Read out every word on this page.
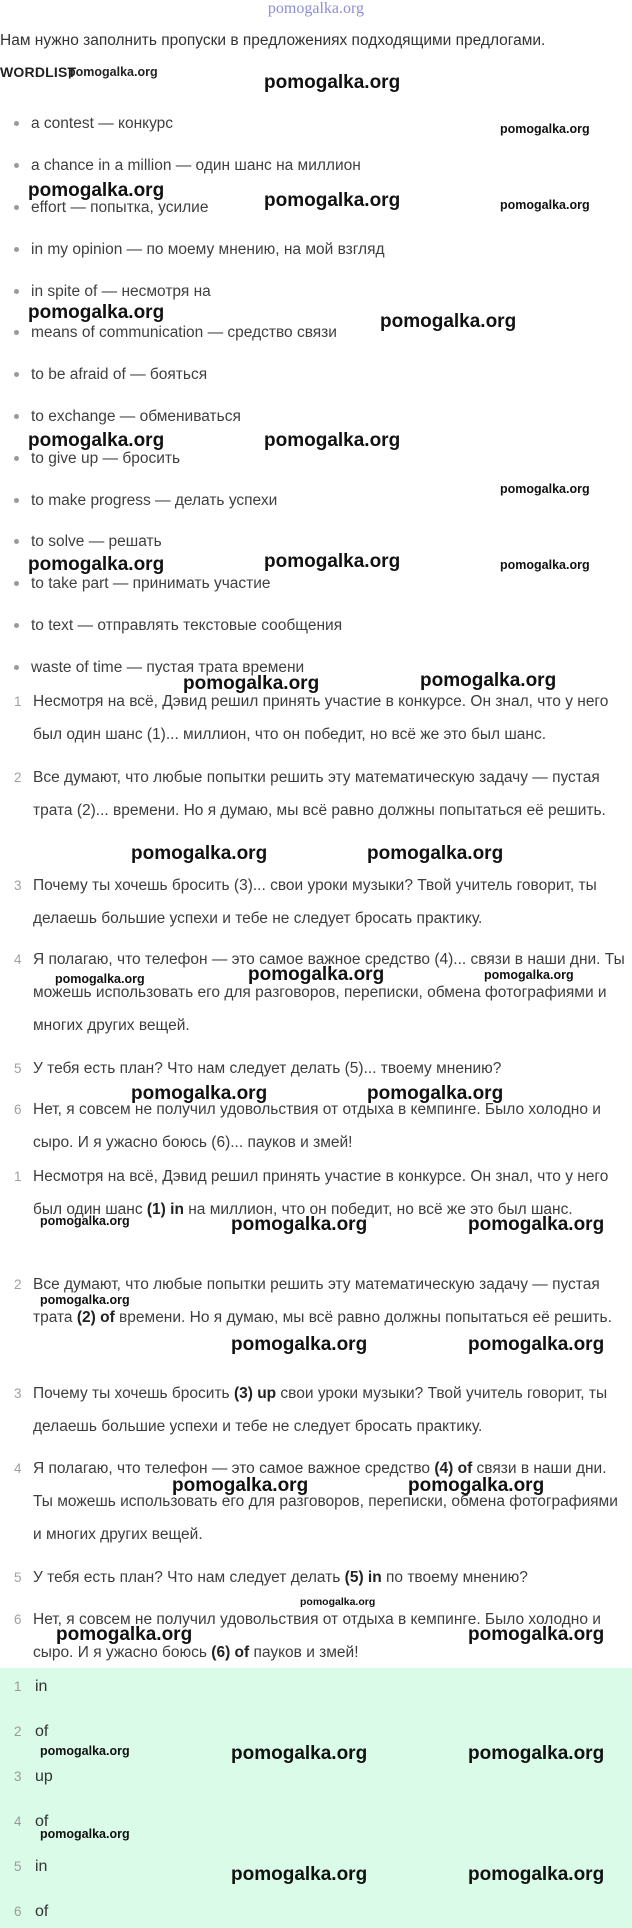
pomogalka.org
Нам нужно заполнить пропуски в предложениях подходящими предлогами.
WORDLIST
pomogalka.org
a contest — конкурс
a chance in a million — один шанс на миллион
effort — попытка, усилие
in my opinion — по моему мнению, на мой взгляд
in spite of — несмотря на
means of communication — средство связи
to be afraid of — бояться
to exchange — обмениваться
to give up — бросить
to make progress — делать успехи
to solve — решать
to take part — принимать участие
to text — отправлять текстовые сообщения
waste of time — пустая трата времени
1 Несмотря на всё, Дэвид решил принять участие в конкурсе. Он знал, что у него был один шанс (1)... миллион, что он победит, но всё же это был шанс.
2 Все думают, что любые попытки решить эту математическую задачу — пустая трата (2)... времени. Но я думаю, мы всё равно должны попытаться её решить.
3 Почему ты хочешь бросить (3)... свои уроки музыки? Твой учитель говорит, ты делаешь большие успехи и тебе не следует бросать практику.
4 Я полагаю, что телефон — это самое важное средство (4)... связи в наши дни. Ты можешь использовать его для разговоров, переписки, обмена фотографиями и многих других вещей.
5 У тебя есть план? Что нам следует делать (5)... твоему мнению?
6 Нет, я совсем не получил удовольствия от отдыха в кемпинге. Было холодно и сыро. И я ужасно боюсь (6)... пауков и змей!
1 Несмотря на всё, Дэвид решил принять участие в конкурсе. Он знал, что у него был один шанс (1) in на миллион, что он победит, но всё же это был шанс.
2 Все думают, что любые попытки решить эту математическую задачу — пустая трата (2) of времени. Но я думаю, мы всё равно должны попытаться её решить.
3 Почему ты хочешь бросить (3) up свои уроки музыки? Твой учитель говорит, ты делаешь большие успехи и тебе не следует бросать практику.
4 Я полагаю, что телефон — это самое важное средство (4) of связи в наши дни. Ты можешь использовать его для разговоров, переписки, обмена фотографиями и многих других вещей.
5 У тебя есть план? Что нам следует делать (5) in по твоему мнению?
6 Нет, я совсем не получил удовольствия от отдыха в кемпинге. Было холодно и сыро. И я ужасно боюсь (6) of пауков и змей!
1 in
2 of
3 up
4 of
5 in
6 of
pomogalka.org
pomogalka.org
pomogalka.org	pomogalka.org	pomogalka.org
pomogalka.org	pomogalka.org
pomogalka.org	pomogalka.org
pomogalka.org
pomogalka.org	pomogalka.org	pomogalka.org
pomogalka.org	pomogalka.org
pomogalka.org	pomogalka.org
pomogalka.org	pomogalka.org	pomogalka.org
pomogalka.org	pomogalka.org
pomogalka.org	pomogalka.org	pomogalka.org
pomogalka.org
pomogalka.org	pomogalka.org
pomogalka.org	pomogalka.org
pomogalka.org
pomogalka.org	pomogalka.org
pomogalka.org	pomogalka.org	pomogalka.org
pomogalka.org
pomogalka.org	pomogalka.org
